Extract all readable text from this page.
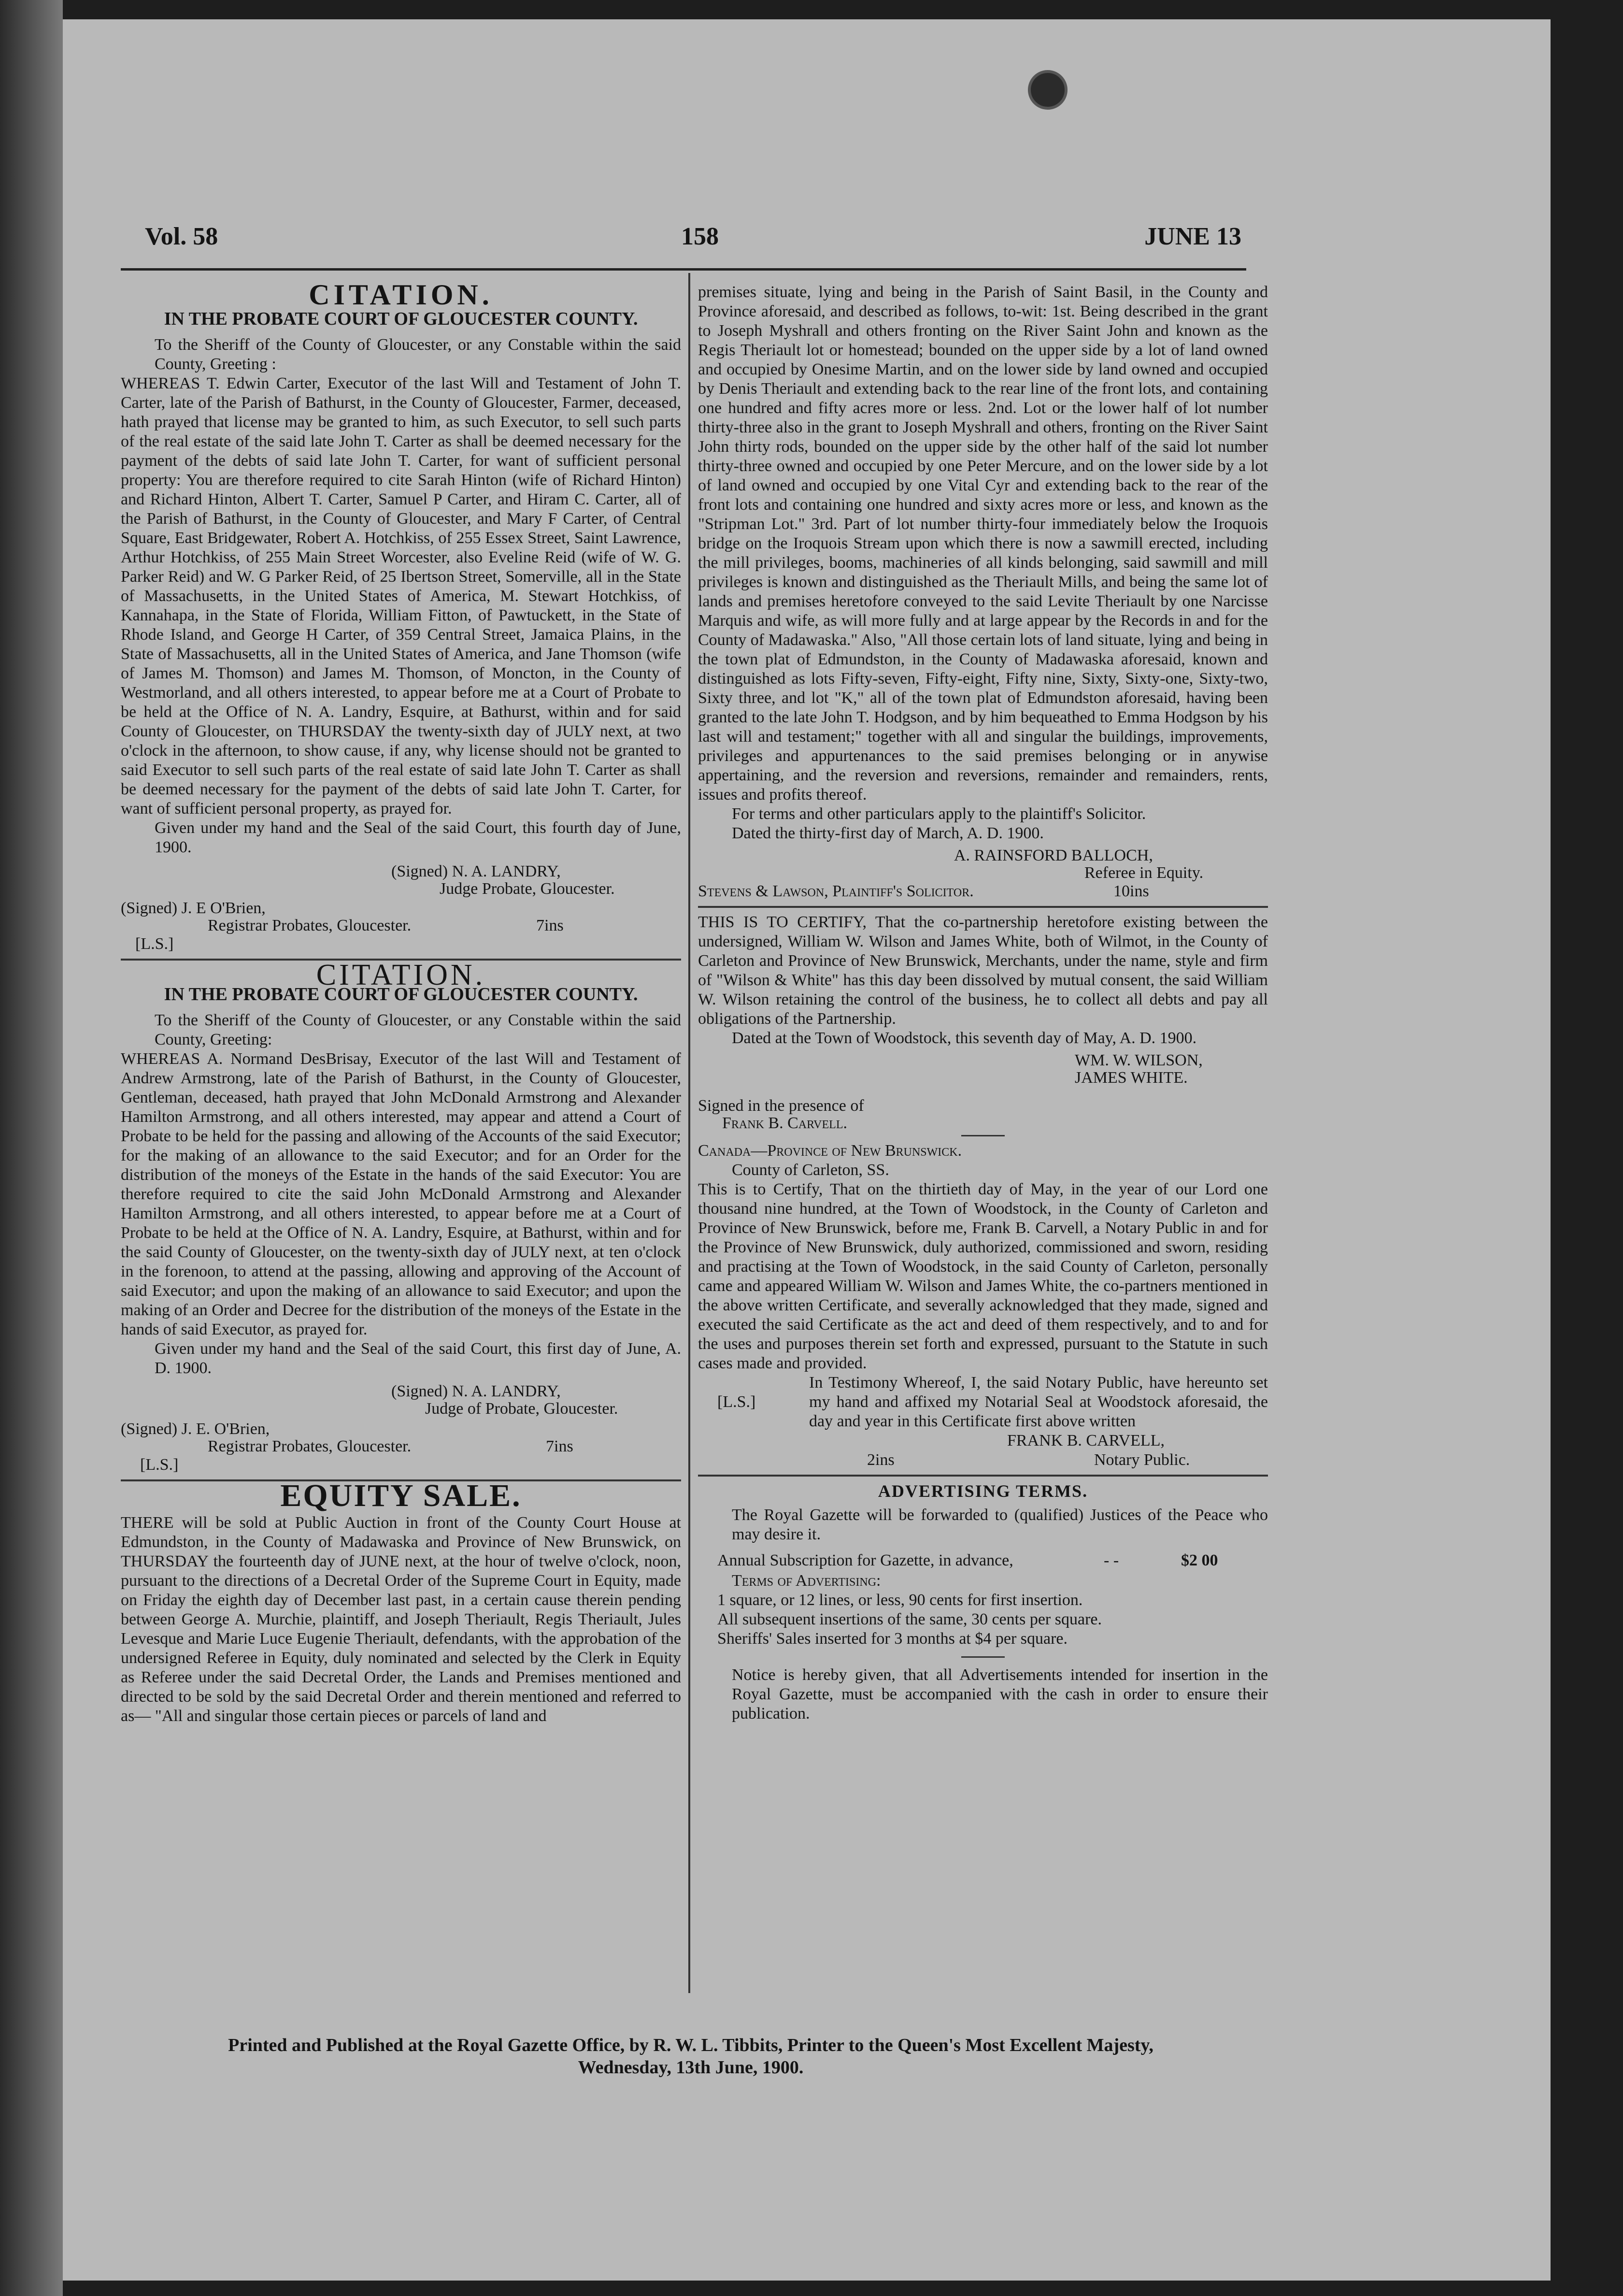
Vol. 58	158	JUNE 13
CITATION.
IN THE PROBATE COURT OF GLOUCESTER COUNTY.

To the Sheriff of the County of Gloucester, or any Constable within the said County, Greeting :

WHEREAS T. Edwin Carter, Executor of the last Will and Testament of John T. Carter, late of the Parish of Bathurst, in the County of Gloucester, Farmer, deceased, hath prayed that license may be granted to him, as such Executor, to sell such parts of the real estate of the said late John T. Carter as shall be deemed necessary for the payment of the debts of said late John T. Carter, for want of sufficient personal property: You are therefore required to cite Sarah Hinton (wife of Richard Hinton) and Richard Hinton, Albert T. Carter, Samuel P Carter, and Hiram C. Carter, all of the Parish of Bathurst, in the County of Gloucester, and Mary F Carter, of Central Square, East Bridgewater, Robert A. Hotchkiss, of 255 Essex Street, Saint Lawrence, Arthur Hotchkiss, of 255 Main Street Worcester, also Eveline Reid (wife of W. G. Parker Reid) and W. G Parker Reid, of 25 Ibertson Street, Somerville, all in the State of Massachusetts, in the United States of America, M. Stewart Hotchkiss, of Kannahapa, in the State of Florida, William Fitton, of Pawtuckett, in the State of Rhode Island, and George H Carter, of 359 Central Street, Jamaica Plains, in the State of Massachusetts, all in the United States of America, and Jane Thomson (wife of James M. Thomson) and James M. Thomson, of Moncton, in the County of Westmorland, and all others interested, to appear before me at a Court of Probate to be held at the Office of N. A. Landry, Esquire, at Bathurst, within and for said County of Gloucester, on THURSDAY the twenty-sixth day of JULY next, at two o'clock in the afternoon, to show cause, if any, why license should not be granted to said Executor to sell such parts of the real estate of said late John T. Carter as shall be deemed necessary for the payment of the debts of said late John T. Carter, for want of sufficient personal property, as prayed for.

Given under my hand and the Seal of the said Court, this fourth day of June, 1900.

(Signed) N. A. LANDRY,
Judge Probate, Gloucester.
(Signed) J. E O'Brien,
Registrar Probates, Gloucester.	7ins
[L.S.]
CITATION.
IN THE PROBATE COURT OF GLOUCESTER COUNTY.

To the Sheriff of the County of Gloucester, or any Constable within the said County, Greeting:

WHEREAS A. Normand DesBrisay, Executor of the last Will and Testament of Andrew Armstrong, late of the Parish of Bathurst, in the County of Gloucester, Gentleman, deceased, hath prayed that John McDonald Armstrong and Alexander Hamilton Armstrong, and all others interested, may appear and attend a Court of Probate to be held for the passing and allowing of the Accounts of the said Executor; for the making of an allowance to the said Executor; and for an Order for the distribution of the moneys of the Estate in the hands of the said Executor: You are therefore required to cite the said John McDonald Armstrong and Alexander Hamilton Armstrong, and all others interested, to appear before me at a Court of Probate to be held at the Office of N. A. Landry, Esquire, at Bathurst, within and for the said County of Gloucester, on the twenty-sixth day of JULY next, at ten o'clock in the forenoon, to attend at the passing, allowing and approving of the Account of said Executor; and upon the making of an allowance to said Executor; and upon the making of an Order and Decree for the distribution of the moneys of the Estate in the hands of said Executor, as prayed for.

Given under my hand and the Seal of the said Court, this first day of June, A. D. 1900.

(Signed) N. A. LANDRY,
Judge of Probate, Gloucester.
(Signed) J. E. O'Brien,
Registrar Probates, Gloucester.	7ins
[L.S.]
EQUITY SALE.

THERE will be sold at Public Auction in front of the County Court House at Edmundston, in the County of Madawaska and Province of New Brunswick, on THURSDAY the fourteenth day of JUNE next, at the hour of twelve o'clock, noon, pursuant to the directions of a Decretal Order of the Supreme Court in Equity, made on Friday the eighth day of December last past, in a certain cause therein pending between George A. Murchie, plaintiff, and Joseph Theriault, Regis Theriault, Jules Levesque and Marie Luce Eugenie Theriault, defendants, with the approbation of the undersigned Referee in Equity, duly nominated and selected by the Clerk in Equity as Referee under the said Decretal Order, the Lands and Premises mentioned and directed to be sold by the said Decretal Order and therein mentioned and referred to as— "All and singular those certain pieces or parcels of land and

premises situate, lying and being in the Parish of Saint Basil, in the County and Province aforesaid, and described as follows, to-wit: 1st. Being described in the grant to Joseph Myshrall and others fronting on the River Saint John and known as the Regis Theriault lot or homestead; bounded on the upper side by a lot of land owned and occupied by Onesime Martin, and on the lower side by land owned and occupied by Denis Theriault and extending back to the rear line of the front lots, and containing one hundred and fifty acres more or less. 2nd. Lot or the lower half of lot number thirty-three also in the grant to Joseph Myshrall and others, fronting on the River Saint John thirty rods, bounded on the upper side by the other half of the said lot number thirty-three owned and occupied by one Peter Mercure, and on the lower side by a lot of land owned and occupied by one Vital Cyr and extending back to the rear of the front lots and containing one hundred and sixty acres more or less, and known as the "Stripman Lot." 3rd. Part of lot number thirty-four immediately below the Iroquois bridge on the Iroquois Stream upon which there is now a sawmill erected, including the mill privileges, booms, machineries of all kinds belonging, said sawmill and mill privileges is known and distinguished as the Theriault Mills, and being the same lot of lands and premises heretofore conveyed to the said Levite Theriault by one Narcisse Marquis and wife, as will more fully and at large appear by the Records in and for the County of Madawaska." Also, "All those certain lots of land situate, lying and being in the town plat of Edmundston, in the County of Madawaska aforesaid, known and distinguished as lots Fifty-seven, Fifty-eight, Fifty nine, Sixty, Sixty-one, Sixty-two, Sixty three, and lot "K," all of the town plat of Edmundston aforesaid, having been granted to the late John T. Hodgson, and by him bequeathed to Emma Hodgson by his last will and testament;" together with all and singular the buildings, improvements, privileges and appurtenances to the said premises belonging or in anywise appertaining, and the reversion and reversions, remainder and remainders, rents, issues and profits thereof.

For terms and other particulars apply to the plaintiff's Solicitor.

Dated the thirty-first day of March, A. D. 1900.

A. RAINSFORD BALLOCH,
Referee in Equity.
Stevens & Lawson, Plaintiff's Solicitor.	10ins

THIS IS TO CERTIFY, That the co-partnership heretofore existing between the undersigned, William W. Wilson and James White, both of Wilmot, in the County of Carleton and Province of New Brunswick, Merchants, under the name, style and firm of "Wilson & White" has this day been dissolved by mutual consent, the said William W. Wilson retaining the control of the business, he to collect all debts and pay all obligations of the Partnership.

Dated at the Town of Woodstock, this seventh day of May, A. D. 1900.

WM. W. WILSON,
JAMES WHITE.
Signed in the presence of
Frank B. Carvell.

Canada—Province of New Brunswick.

County of Carleton, SS.

This is to Certify, That on the thirtieth day of May, in the year of our Lord one thousand nine hundred, at the Town of Woodstock, in the County of Carleton and Province of New Brunswick, before me, Frank B. Carvell, a Notary Public in and for the Province of New Brunswick, duly authorized, commissioned and sworn, residing and practising at the Town of Woodstock, in the said County of Carleton, personally came and appeared William W. Wilson and James White, the co-partners mentioned in the above written Certificate, and severally acknowledged that they made, signed and executed the said Certificate as the act and deed of them respectively, and to and for the uses and purposes therein set forth and expressed, pursuant to the Statute in such cases made and provided.

[L.S.]

In Testimony Whereof, I, the said Notary Public, have hereunto set my hand and affixed my Notarial Seal at Woodstock aforesaid, the day and year in this Certificate first above written

FRANK B. CARVELL,
2ins	Notary Public.
ADVERTISING TERMS.

The Royal Gazette will be forwarded to (qualified) Justices of the Peace who may desire it.

Annual Subscription for Gazette, in advance,	- -	$2 00

Terms of Advertising:

1 square, or 12 lines, or less, 90 cents for first insertion.

All subsequent insertions of the same, 30 cents per square.

Sheriffs' Sales inserted for 3 months at $4 per square.

Notice is hereby given, that all Advertisements intended for insertion in the Royal Gazette, must be accompanied with the cash in order to ensure their publication.

Printed and Published at the Royal Gazette Office, by R. W. L. Tibbits, Printer to the Queen's Most Excellent Majesty,
Wednesday, 13th June, 1900.
